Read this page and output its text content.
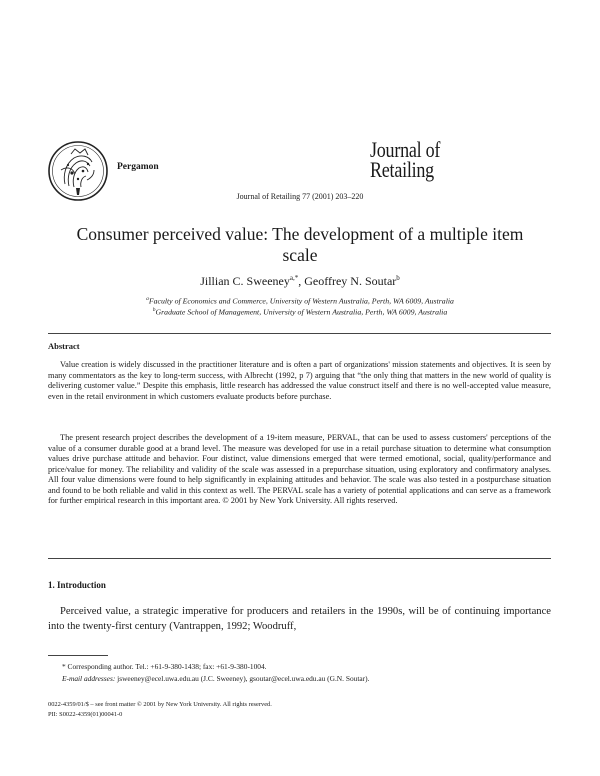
Pergamon
Journal of Retailing 77 (2001) 203–220
Journal of
Retailing
Consumer perceived value: The development of a multiple item scale
Jillian C. Sweeney$^{a,*}$, Geoffrey N. Soutar$^b$
$^a$Faculty of Economics and Commerce, University of Western Australia, Perth, WA 6009, Australia
$^b$Graduate School of Management, University of Western Australia, Perth, WA 6009, Australia
Abstract

Value creation is widely discussed in the practitioner literature and is often a part of organizations' mission statements and objectives. It is seen by many commentators as the key to long-term success, with Albrecht (1992, p 7) arguing that “the only thing that matters in the new world of quality is delivering customer value.” Despite this emphasis, little research has addressed the value construct itself and there is no well-accepted value measure, even in the retail environment in which customers evaluate products before purchase.

The present research project describes the development of a 19-item measure, PERVAL, that can be used to assess customers' perceptions of the value of a consumer durable good at a brand level. The measure was developed for use in a retail purchase situation to determine what consumption values drive purchase attitude and behavior. Four distinct, value dimensions emerged that were termed emotional, social, quality/performance and price/value for money. The reliability and validity of the scale was assessed in a prepurchase situation, using exploratory and confirmatory analyses. All four value dimensions were found to help significantly in explaining attitudes and behavior. The scale was also tested in a postpurchase situation and found to be both reliable and valid in this context as well. The PERVAL scale has a variety of potential applications and can serve as a framework for further empirical research in this important area. © 2001 by New York University. All rights reserved.

1. Introduction

Perceived value, a strategic imperative for producers and retailers in the 1990s, will be of continuing importance into the twenty-first century (Vantrappen, 1992; Woodruff,

* Corresponding author. Tel.: +61-9-380-1438; fax: +61-9-380-1004.
E-mail addresses: jsweeney@ecel.uwa.edu.au (J.C. Sweeney), gsoutar@ecel.uwa.edu.au (G.N. Soutar).
0022-4359/01/$ – see front matter © 2001 by New York University. All rights reserved.
PII: S0022-4359(01)00041-0
